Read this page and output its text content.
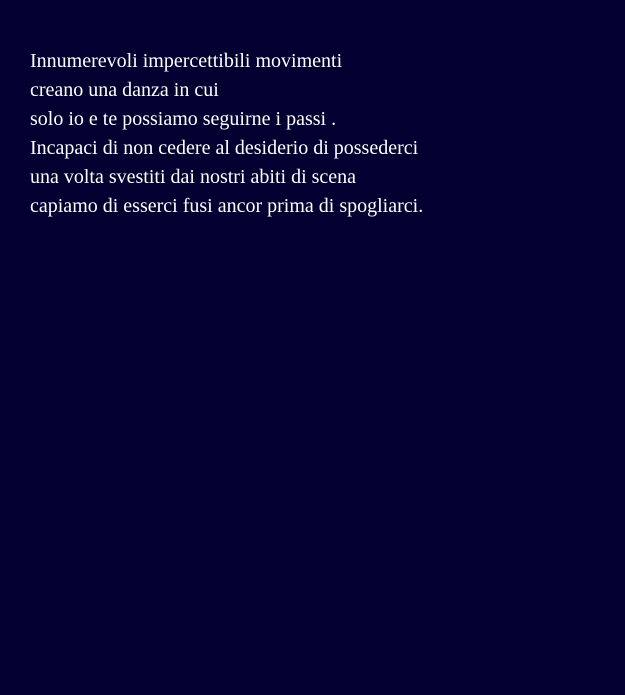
Innumerevoli impercettibili movimenti
creano una danza in cui
solo io e te possiamo seguirne i passi .
Incapaci di non cedere al desiderio di possederci
una volta svestiti dai nostri abiti di scena
capiamo di esserci fusi ancor prima di spogliarci.
